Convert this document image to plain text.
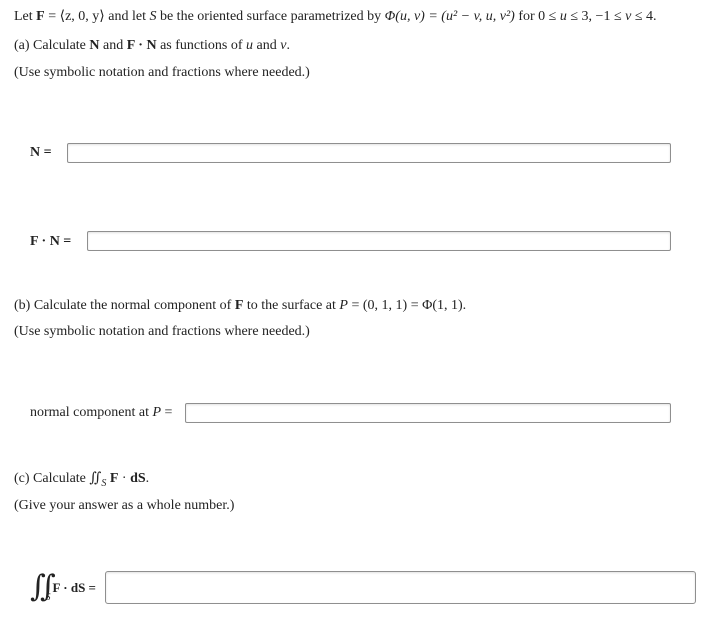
Let F = ⟨z, 0, y⟩ and let S be the oriented surface parametrized by Φ(u, v) = (u² − v, u, v²) for 0 ≤ u ≤ 3, −1 ≤ v ≤ 4.
(a) Calculate N and F · N as functions of u and v.
(Use symbolic notation and fractions where needed.)
N =
F · N =
(b) Calculate the normal component of F to the surface at P = (0, 1, 1) = Φ(1, 1).
(Use symbolic notation and fractions where needed.)
normal component at P =
(c) Calculate $∬_S$ F · dS.
(Give your answer as a whole number.)
∬ $_S$F · dS =
